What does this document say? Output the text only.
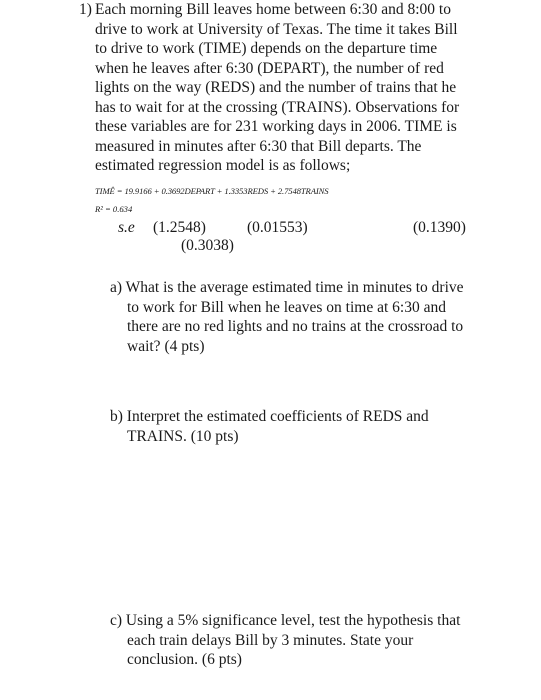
1) Each morning Bill leaves home between 6:30 and 8:00 to
drive to work at University of Texas. The time it takes Bill
to drive to work (TIME) depends on the departure time
when he leaves after 6:30 (DEPART), the number of red
lights on the way (REDS) and the number of trains that he
has to wait for at the crossing (TRAINS). Observations for
these variables are for 231 working days in 2006. TIME is
measured in minutes after 6:30 that Bill departs. The
estimated regression model is as follows;
TIMÊ = 19.9166 + 0.3692DEPART + 1.3353REDS + 2.7548TRAINS
R² = 0.634
s.e (1.2548)	(0.01553)	(0.1390)
(0.3038)
a) What is the average estimated time in minutes to drive
to work for Bill when he leaves on time at 6:30 and
there are no red lights and no trains at the crossroad to
wait? (4 pts)
b) Interpret the estimated coefficients of REDS and
TRAINS. (10 pts)
c) Using a 5% significance level, test the hypothesis that
each train delays Bill by 3 minutes. State your
conclusion. (6 pts)
